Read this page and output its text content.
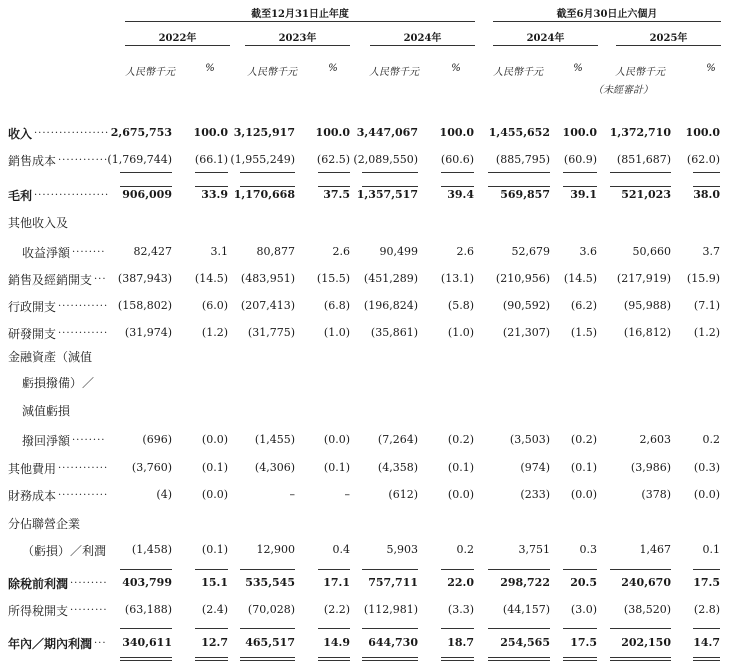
截至12月31日止年度	截至6月30日止六個月
2022年	2023年	2024年	2024年	2025年
人民幣千元	%	人民幣千元	%	人民幣千元	%	人民幣千元	%	人民幣千元	%
（未經審計）
收入 .................. 2,675,753 100.0 3,125,917 100.0 3,447,067 100.0 1,455,652 100.0 1,372,710 100.0
銷售成本 ............ (1,769,744) (66.1) (1,955,249) (62.5) (2,089,550) (60.6) (885,795) (60.9) (851,687) (62.0)
毛利 .................. 906,009	33.9 1,170,668	37.5 1,357,517	39.4 569,857 39.1 521,023 38.0
其他收入及
收益淨額 ........	82,427	3.1	80,877	2.6	90,499	2.6	52,679	3.6	50,660	3.7
銷售及經銷開支 ... (387,943) (14.5) (483,951) (15.5) (451,289) (13.1) (210,956) (14.5) (217,919) (15.9)
行政開支 ............ (158,802)	(6.0) (207,413)	(6.8) (196,824)	(5.8)	(90,592) (6.2) (95,988) (7.1)
研發開支 ............ (31,974)	(1.2) (31,775)	(1.0) (35,861)	(1.0)	(21,307) (1.5) (16,812) (1.2)
金融資產（減值
虧損撥備）／
減值虧損
撥回淨額 ........	(696)	(0.0) (1,455)	(0.0)	(7,264)	(0.2)	(3,503) (0.2)	2,603	0.2
其他費用 ............ (3,760)	(0.1) (4,306)	(0.1)	(4,358)	(0.1)	(974) (0.1)	(3,986) (0.3)
財務成本 ............	(4)	(0.0)	–	–	(612)	(0.0)	(233) (0.0)	(378) (0.0)
分佔聯營企業
（虧損）／利潤 (1,458)	(0.1)	12,900	0.4	5,903	0.2	3,751	0.3	1,467	0.1
除稅前利潤 ......... 403,799	15.1 535,545	17.1 757,711	22.0 298,722 20.5 240,670 17.5
所得稅開支 ......... (63,188)	(2.4) (70,028)	(2.2) (112,981)	(3.3)	(44,157) (3.0) (38,520) (2.8)
年內／期內利潤 ... 340,611	12.7 465,517	14.9 644,730	18.7 254,565 17.5 202,150 14.7
